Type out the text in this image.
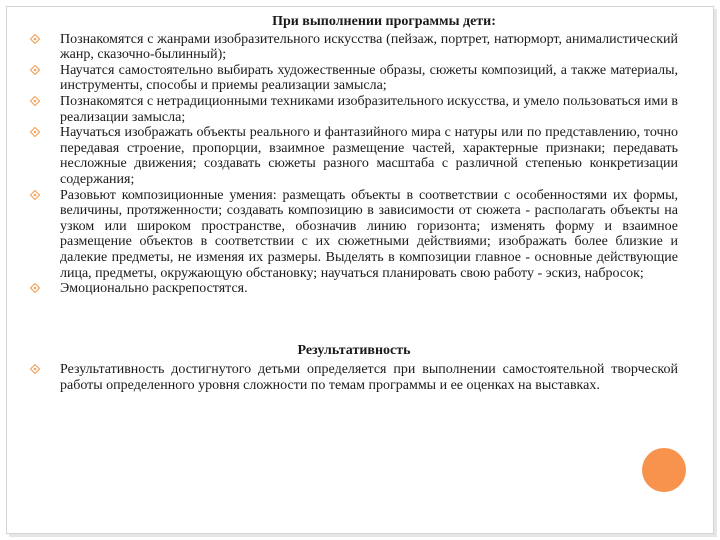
При выполнении программы дети:
Познакомятся с жанрами изобразительного искусства (пейзаж, портрет, натюрморт, анималистический жанр, сказочно-былинный);
Научатся самостоятельно выбирать художественные образы, сюжеты композиций, а также материалы, инструменты, способы и приемы реализации замысла;
Познакомятся с нетрадиционными техниками изобразительного искусства, и умело пользоваться ими в реализации замысла;
Научаться изображать объекты реального и фантазийного мира с натуры или по представлению, точно передавая строение, пропорции, взаимное размещение частей, характерные признаки; передавать несложные движения; создавать сюжеты разного масштаба с различной степенью конкретизации содержания;
Разовьют композиционные умения: размещать объекты в соответствии с особенностями их формы, величины, протяженности; создавать композицию в зависимости от сюжета - располагать объекты на узком или широком пространстве, обозначив линию горизонта; изменять форму и взаимное размещение объектов в соответствии с их сюжетными действиями; изображать более близкие и далекие предметы, не изменяя их размеры. Выделять в композиции главное - основные действующие лица, предметы, окружающую обстановку; научаться планировать свою работу - эскиз, набросок;
Эмоционально раскрепостятся.
Результативность
Результативность достигнутого детьми определяется при выполнении самостоятельной творческой работы определенного уровня сложности по темам программы и ее оценках на выставках.
